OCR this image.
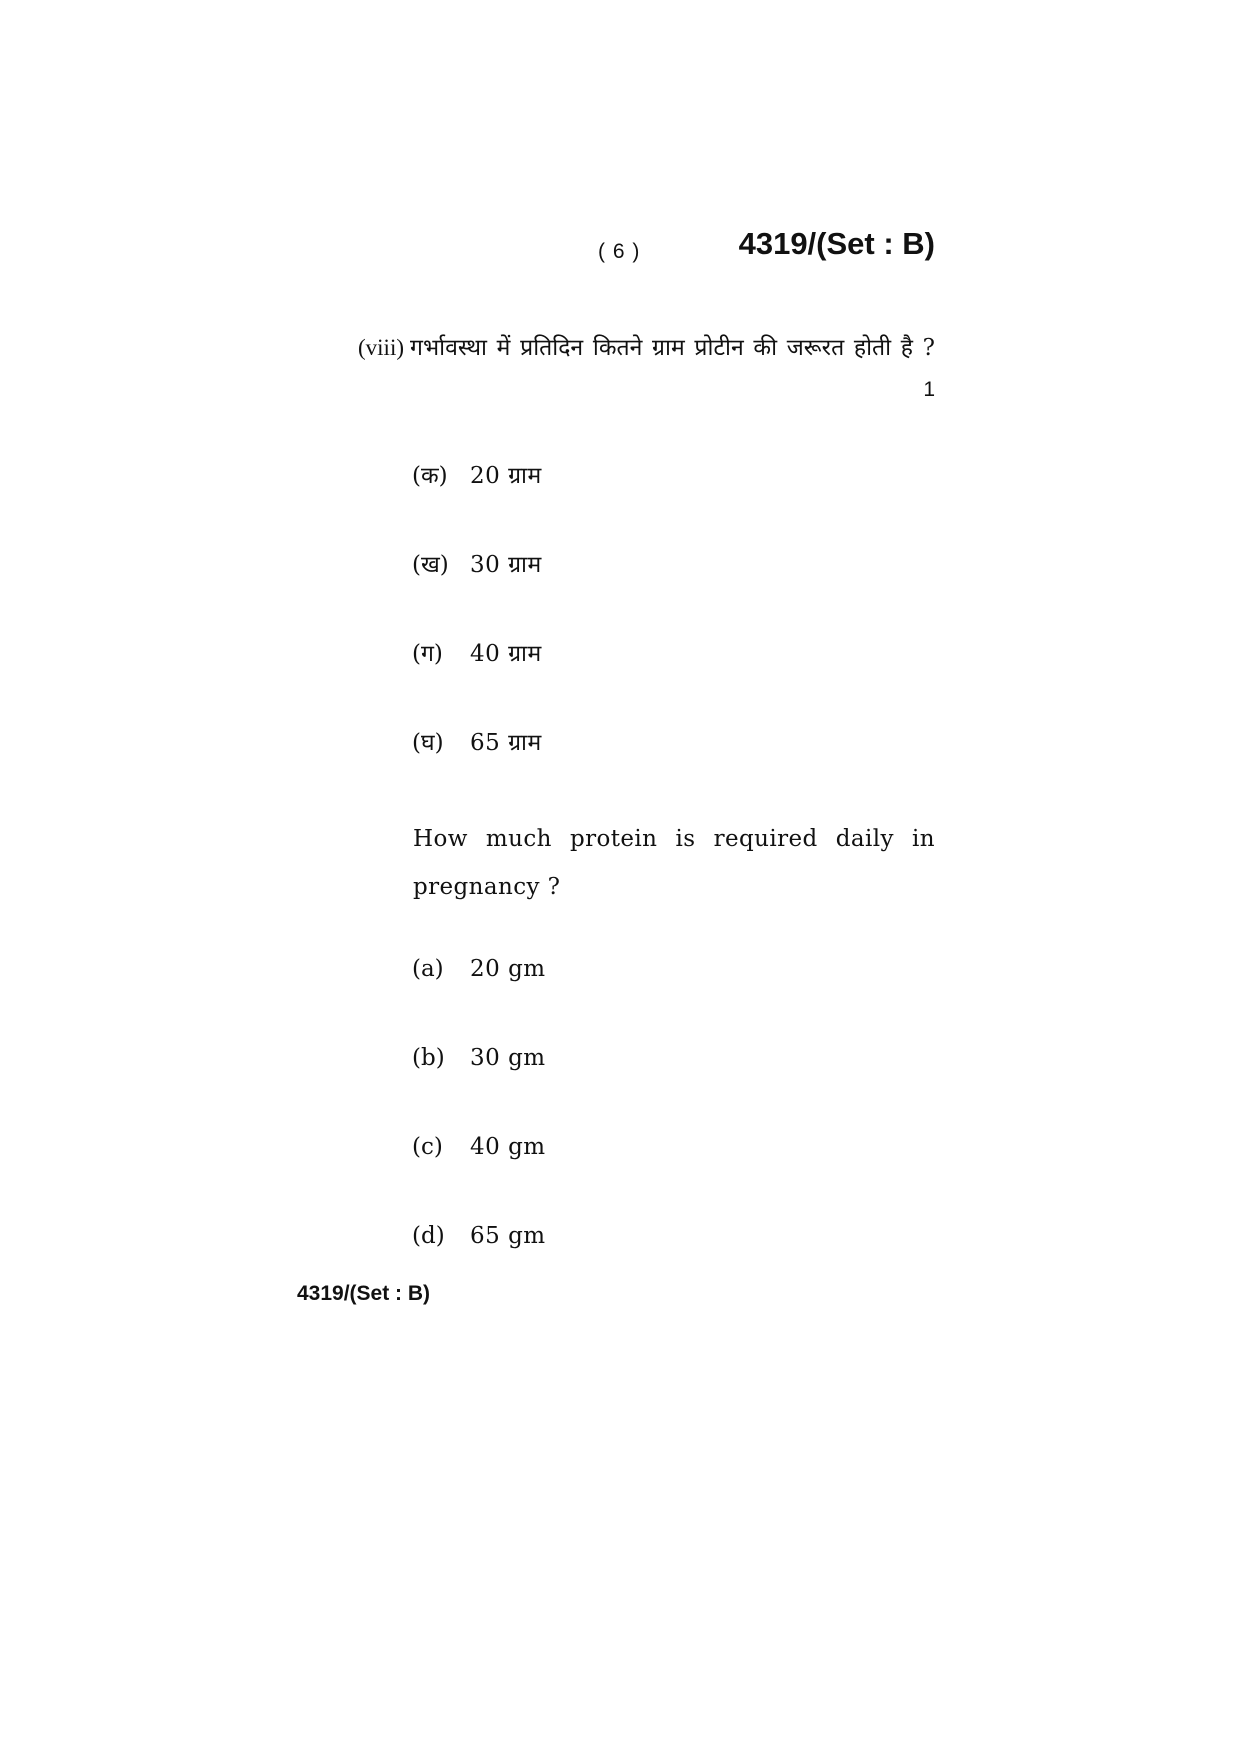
( 6 )	4319/(Set : B)
(viii) गर्भावस्था में प्रतिदिन कितने ग्राम प्रोटीन की जरूरत होती है ?
1
(क) 20 ग्राम
(ख) 30 ग्राम
(ग)	40 ग्राम
(घ)	65 ग्राम
How much protein is required daily in
pregnancy ?
(a)	20 gm
(b)	30 gm
(c)	40 gm
(d)	65 gm
4319/(Set : B)
